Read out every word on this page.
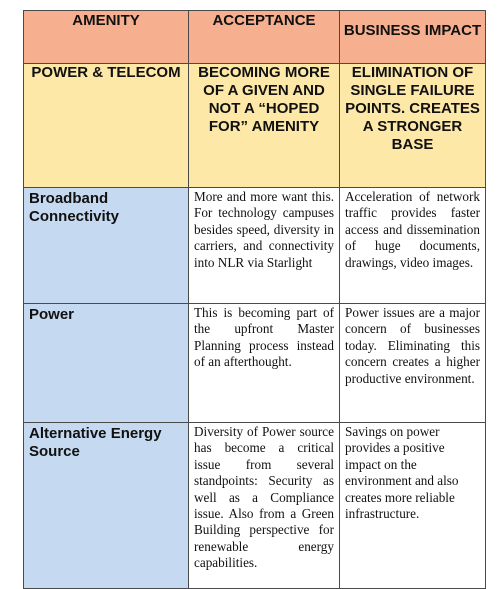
AMENITY	ACCEPTANCE	BUSINESS IMPACT
POWER & TELECOM	BECOMING MORE OF A GIVEN AND NOT A “HOPED FOR” AMENITY	ELIMINATION OF SINGLE FAILURE POINTS. CREATES A STRONGER BASE
Broadband Connectivity	More and more want this. For technology campuses besides speed, diversity in carriers, and connectivity into NLR via Starlight	Acceleration of network traffic provides faster access and dissemination of huge documents, drawings, video images.
Power	This is becoming part of the upfront Master Planning process instead of an afterthought.	Power issues are a major concern of businesses today. Eliminating this concern creates a higher productive environment.
Alternative Energy Source	Diversity of Power source has become a critical issue from several standpoints: Security as well as a Compliance issue. Also from a Green Building perspective for renewable energy capabilities.	Savings on power provides a positive impact on the environment and also creates more reliable infrastructure.
